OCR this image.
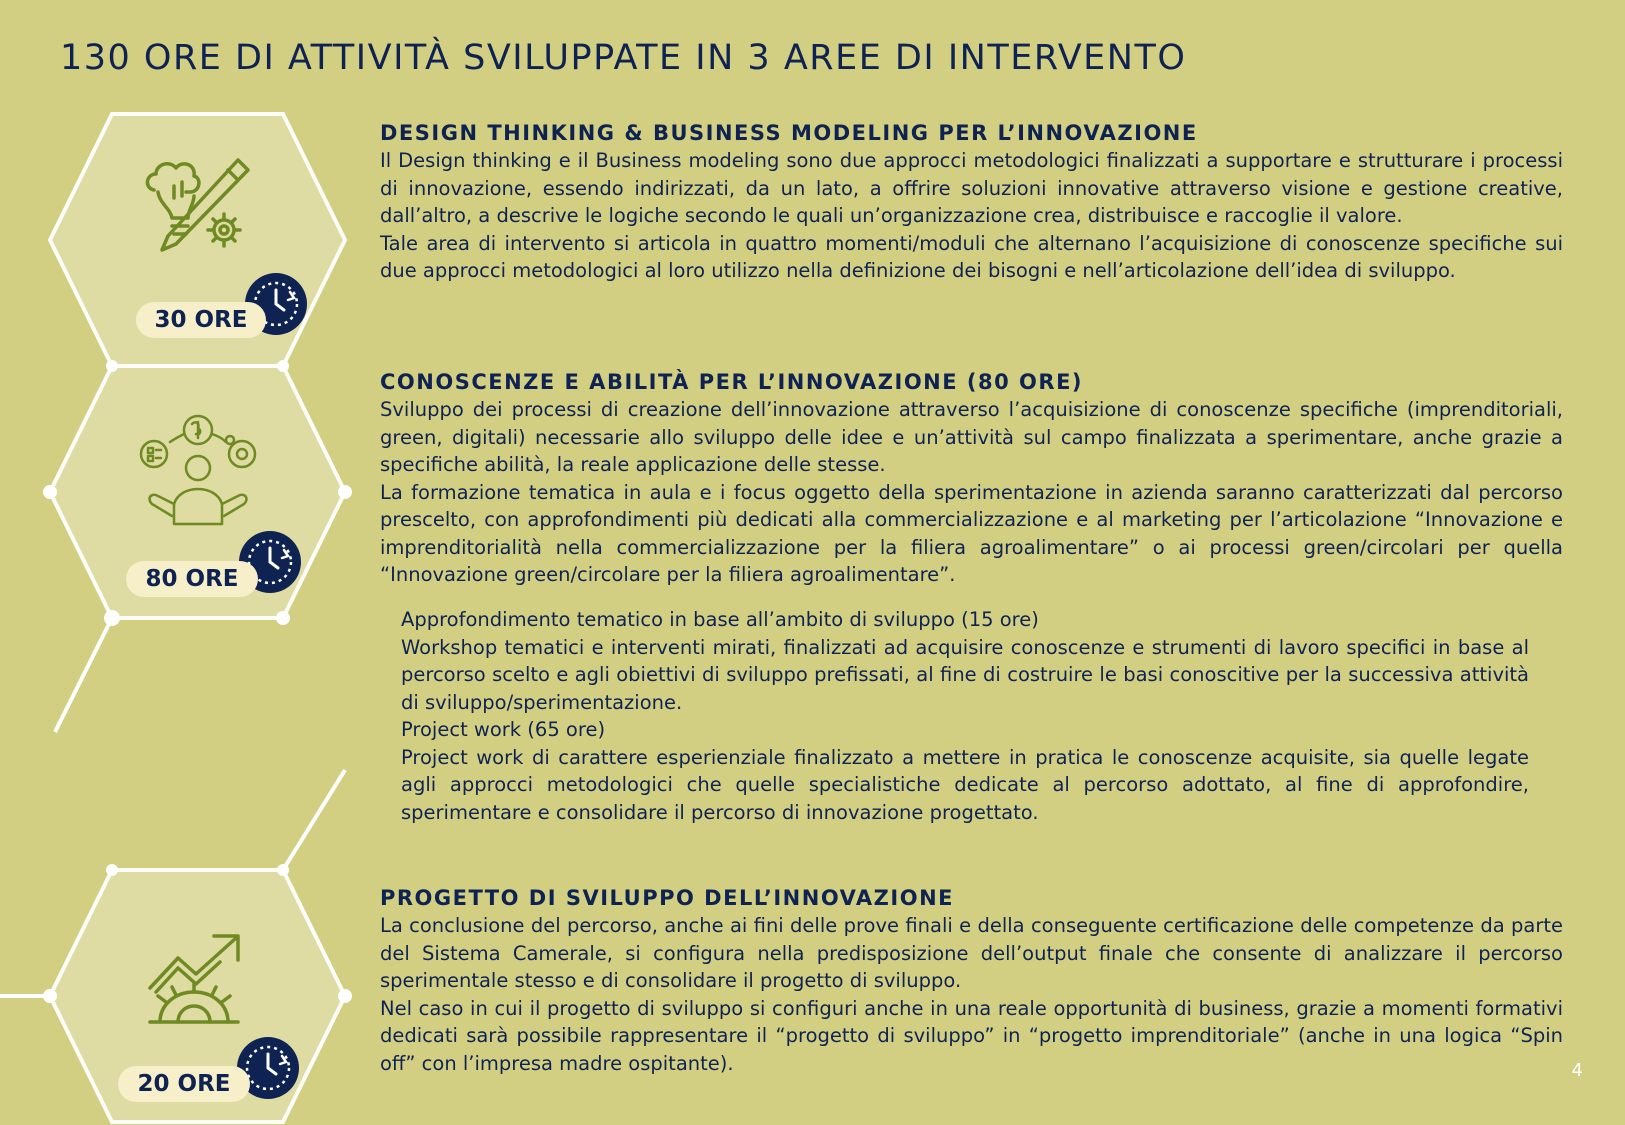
130 ORE DI ATTIVITÀ SVILUPPATE IN 3 AREE DI INTERVENTO
30 ORE
80 ORE
20 ORE
DESIGN THINKING & BUSINESS MODELING PER L’INNOVAZIONE

Il Design thinking e il Business modeling sono due approcci metodologici finalizzati a supportare e strutturare i processi di innovazione, essendo indirizzati, da un lato, a offrire soluzioni innovative attraverso visione e gestione creative, dall’altro, a descrive le logiche secondo le quali un’organizzazione crea, distribuisce e raccoglie il valore.

Tale area di intervento si articola in quattro momenti/moduli che alternano l’acquisizione di conoscenze specifiche sui due approcci metodologici al loro utilizzo nella definizione dei bisogni e nell’articolazione dell’idea di sviluppo.

CONOSCENZE E ABILITÀ PER L’INNOVAZIONE (80 ORE)

Sviluppo dei processi di creazione dell’innovazione attraverso l’acquisizione di conoscenze specifiche (imprenditoriali, green, digitali) necessarie allo sviluppo delle idee e un’attività sul campo finalizzata a sperimentare, anche grazie a specifiche abilità, la reale applicazione delle stesse.

La formazione tematica in aula e i focus oggetto della sperimentazione in azienda saranno caratterizzati dal percorso prescelto, con approfondimenti più dedicati alla commercializzazione e al marketing per l’articolazione “Innovazione e imprenditorialità nella commercializzazione per la filiera agroalimentare” o ai processi green/circolari per quella “Innovazione green/circolare per la filiera agroalimentare”.

Approfondimento tematico in base all’ambito di sviluppo (15 ore)

Workshop tematici e interventi mirati, finalizzati ad acquisire conoscenze e strumenti di lavoro specifici in base al percorso scelto e agli obiettivi di sviluppo prefissati, al fine di costruire le basi conoscitive per la successiva attività di sviluppo/sperimentazione.

Project work (65 ore)

Project work di carattere esperienziale finalizzato a mettere in pratica le conoscenze acquisite, sia quelle legate agli approcci metodologici che quelle specialistiche dedicate al percorso adottato, al fine di approfondire, sperimentare e consolidare il percorso di innovazione progettato.

PROGETTO DI SVILUPPO DELL’INNOVAZIONE

La conclusione del percorso, anche ai fini delle prove finali e della conseguente certificazione delle competenze da parte del Sistema Camerale, si configura nella predisposizione dell’output finale che consente di analizzare il percorso sperimentale stesso e di consolidare il progetto di sviluppo.

Nel caso in cui il progetto di sviluppo si configuri anche in una reale opportunità di business, grazie a momenti formativi dedicati sarà possibile rappresentare il “progetto di sviluppo” in “progetto imprenditoriale” (anche in una logica “Spin off” con l’impresa madre ospitante).	4
